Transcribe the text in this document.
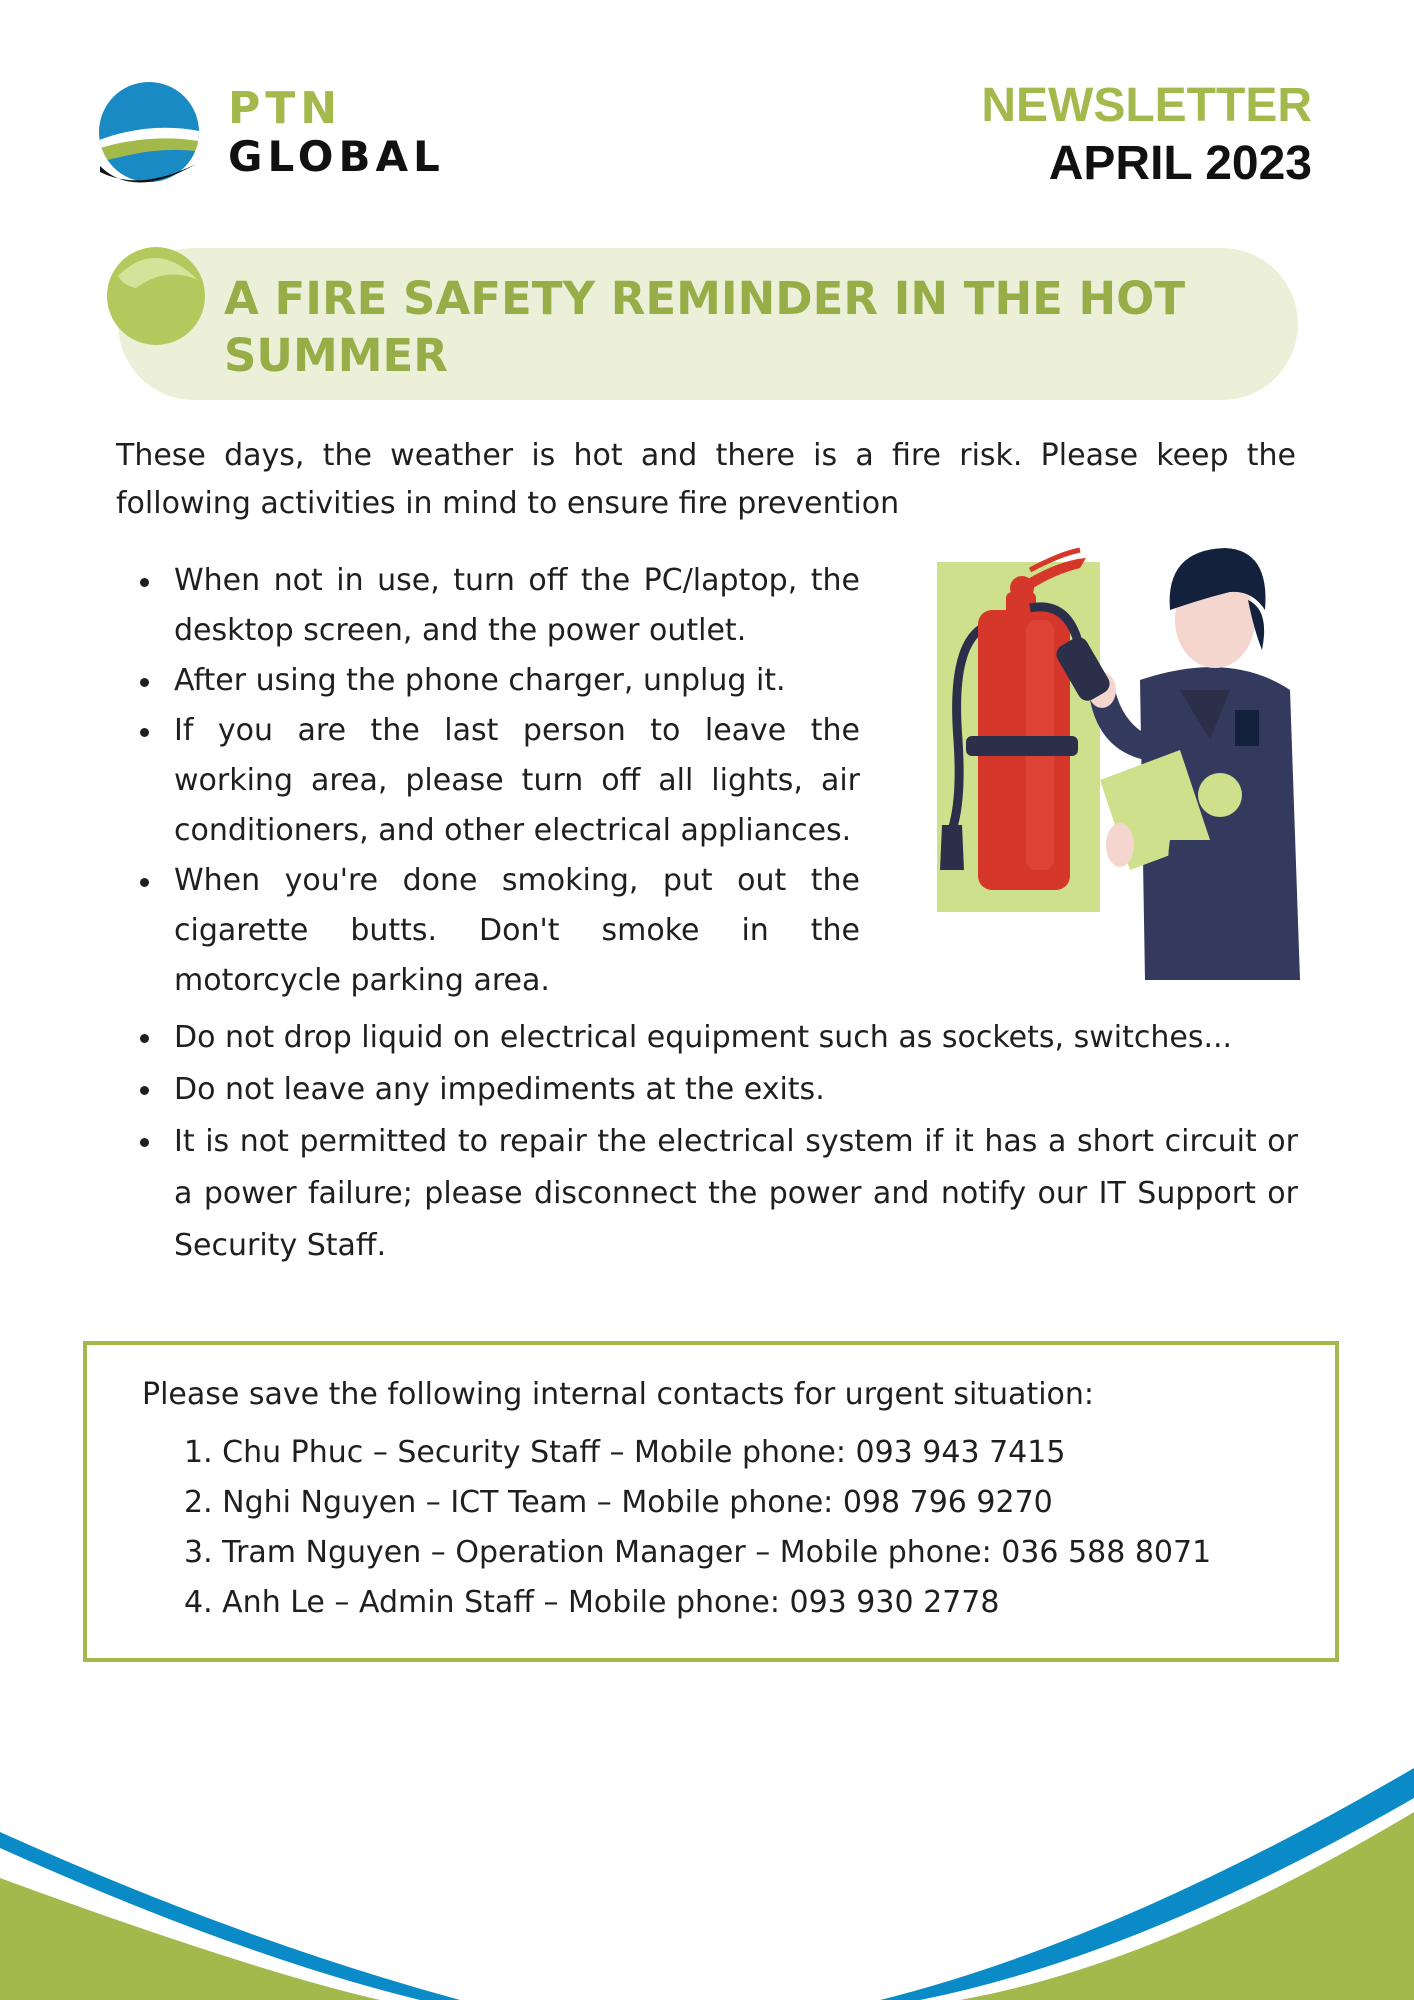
PTN
GLOBAL
NEWSLETTER
APRIL 2023
A FIRE SAFETY REMINDER IN THE HOT SUMMER
These days, the weather is hot and there is a fire risk. Please keep the following activities in mind to ensure fire prevention
When not in use, turn off the PC/laptop, the desktop screen, and the power outlet.
After using the phone charger, unplug it.
If you are the last person to leave the working area, please turn off all lights, air conditioners, and other electrical appliances.
When you're done smoking, put out the cigarette butts. Don't smoke in the motorcycle parking area.
Do not drop liquid on electrical equipment such as sockets, switches...
Do not leave any impediments at the exits.
It is not permitted to repair the electrical system if it has a short circuit or a power failure; please disconnect the power and notify our IT Support or Security Staff.
Please save the following internal contacts for urgent situation:
1. Chu Phuc – Security Staff – Mobile phone: 093 943 7415
2. Nghi Nguyen – ICT Team – Mobile phone: 098 796 9270
3. Tram Nguyen – Operation Manager – Mobile phone: 036 588 8071
4. Anh Le – Admin Staff – Mobile phone: 093 930 2778
